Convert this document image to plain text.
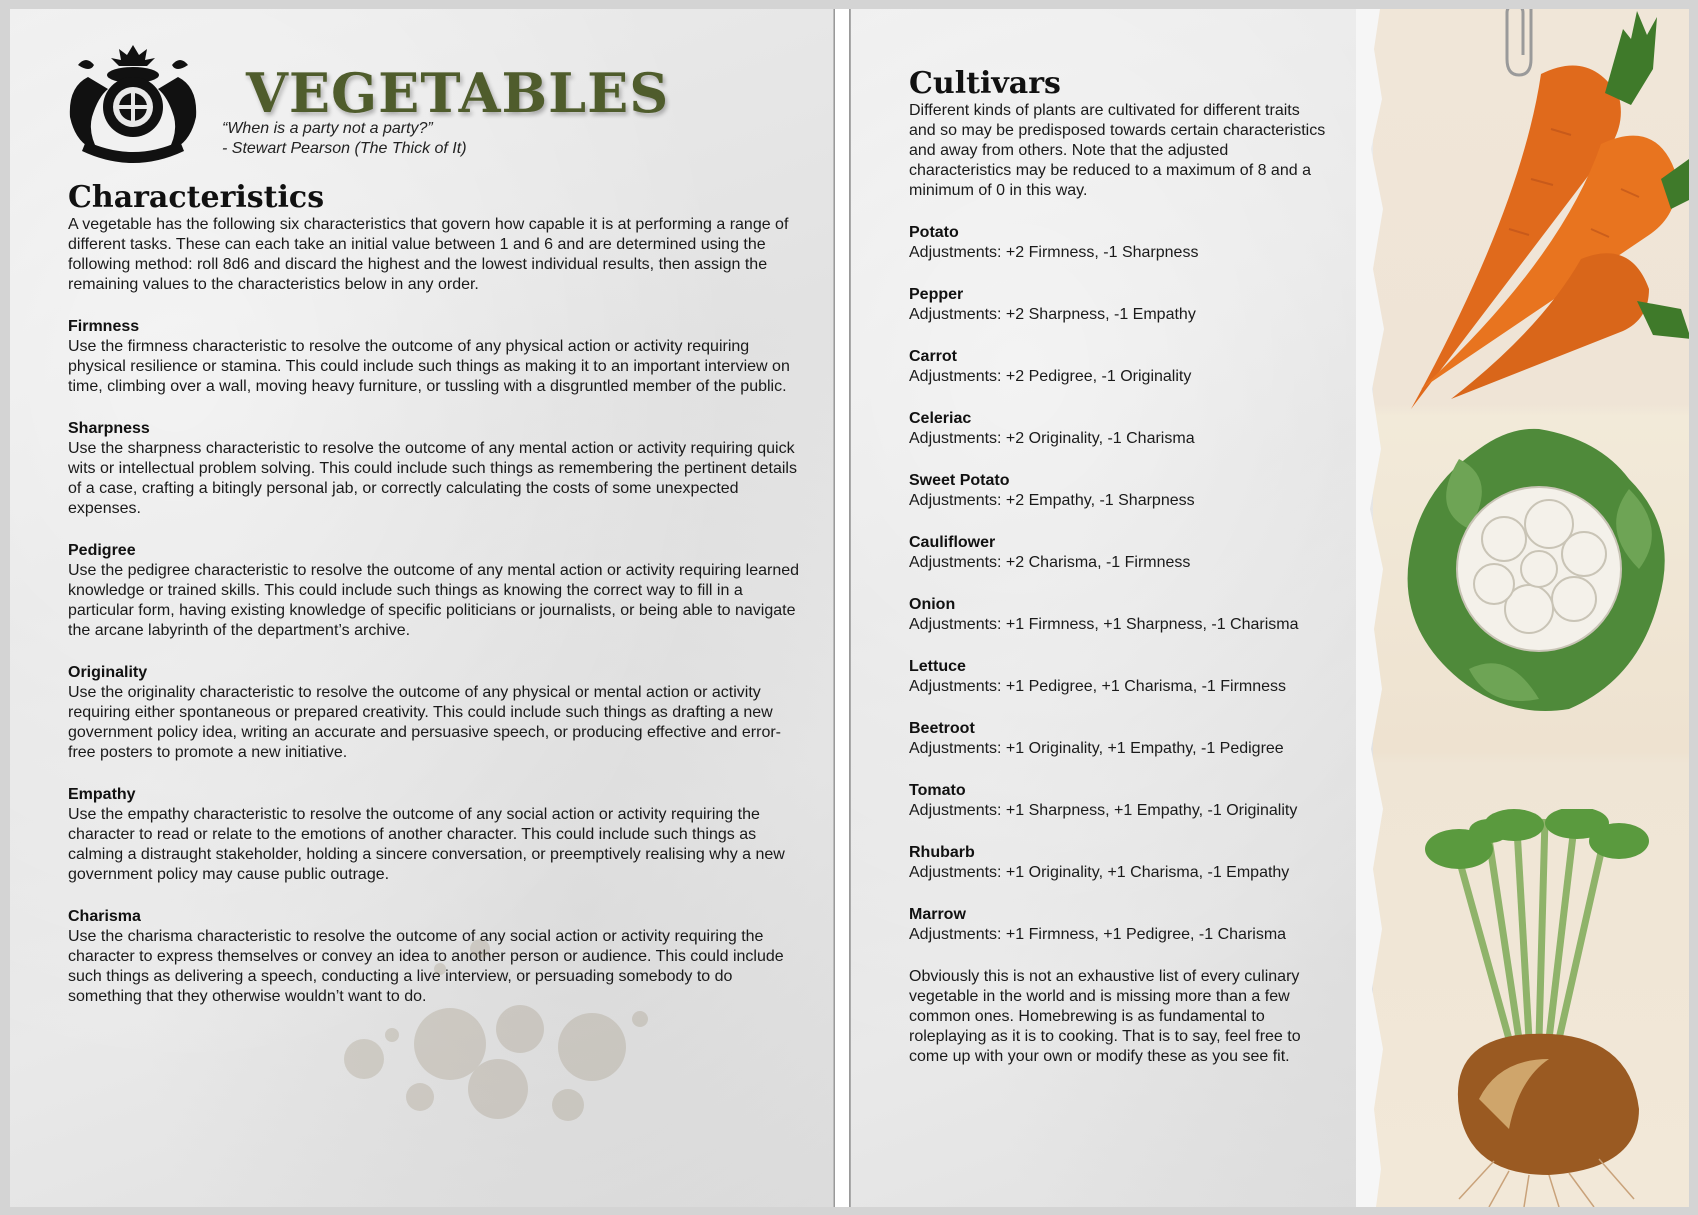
VEGETABLES
“When is a party not a party?”
- Stewart Pearson (The Thick of It)
Characteristics
A vegetable has the following six characteristics that govern how capable it is at performing a range of different tasks. These can each take an initial value between 1 and 6 and are determined using the following method: roll 8d6 and discard the highest and the lowest individual results, then assign the remaining values to the characteristics below in any order.
Firmness
Use the firmness characteristic to resolve the outcome of any physical action or activity requiring physical resilience or stamina. This could include such things as making it to an important interview on time, climbing over a wall, moving heavy furniture, or tussling with a disgruntled member of the public.
Sharpness
Use the sharpness characteristic to resolve the outcome of any mental action or activity requiring quick wits or intellectual problem solving. This could include such things as remembering the pertinent details of a case, crafting a bitingly personal jab, or correctly calculating the costs of some unexpected expenses.
Pedigree
Use the pedigree characteristic to resolve the outcome of any mental action or activity requiring learned knowledge or trained skills. This could include such things as knowing the correct way to fill in a particular form, having existing knowledge of specific politicians or journalists, or being able to navigate the arcane labyrinth of the department’s archive.
Originality
Use the originality characteristic to resolve the outcome of any physical or mental action or activity requiring either spontaneous or prepared creativity. This could include such things as drafting a new government policy idea, writing an accurate and persuasive speech, or producing effective and error-free posters to promote a new initiative.
Empathy
Use the empathy characteristic to resolve the outcome of any social action or activity requiring the character to read or relate to the emotions of another character. This could include such things as calming a distraught stakeholder, holding a sincere conversation, or preemptively realising why a new government policy may cause public outrage.
Charisma
Use the charisma characteristic to resolve the outcome of any social action or activity requiring the character to express themselves or convey an idea to another person or audience. This could include such things as delivering a speech, conducting a live interview, or persuading somebody to do something that they otherwise wouldn’t want to do.
Cultivars
Different kinds of plants are cultivated for different traits and so may be predisposed towards certain characteristics and away from others. Note that the adjusted characteristics may be reduced to a maximum of 8 and a minimum of 0 in this way.
Potato
Adjustments: +2 Firmness, -1 Sharpness
Pepper
Adjustments: +2 Sharpness, -1 Empathy
Carrot
Adjustments: +2 Pedigree, -1 Originality
Celeriac
Adjustments: +2 Originality, -1 Charisma
Sweet Potato
Adjustments: +2 Empathy, -1 Sharpness
Cauliflower
Adjustments: +2 Charisma, -1 Firmness
Onion
Adjustments: +1 Firmness, +1 Sharpness, -1 Charisma
Lettuce
Adjustments: +1 Pedigree, +1 Charisma, -1 Firmness
Beetroot
Adjustments: +1 Originality, +1 Empathy, -1 Pedigree
Tomato
Adjustments: +1 Sharpness, +1 Empathy, -1 Originality
Rhubarb
Adjustments: +1 Originality, +1 Charisma, -1 Empathy
Marrow
Adjustments: +1 Firmness, +1 Pedigree, -1 Charisma
Obviously this is not an exhaustive list of every culinary vegetable in the world and is missing more than a few common ones. Homebrewing is as fundamental to roleplaying as it is to cooking. That is to say, feel free to come up with your own or modify these as you see fit.
